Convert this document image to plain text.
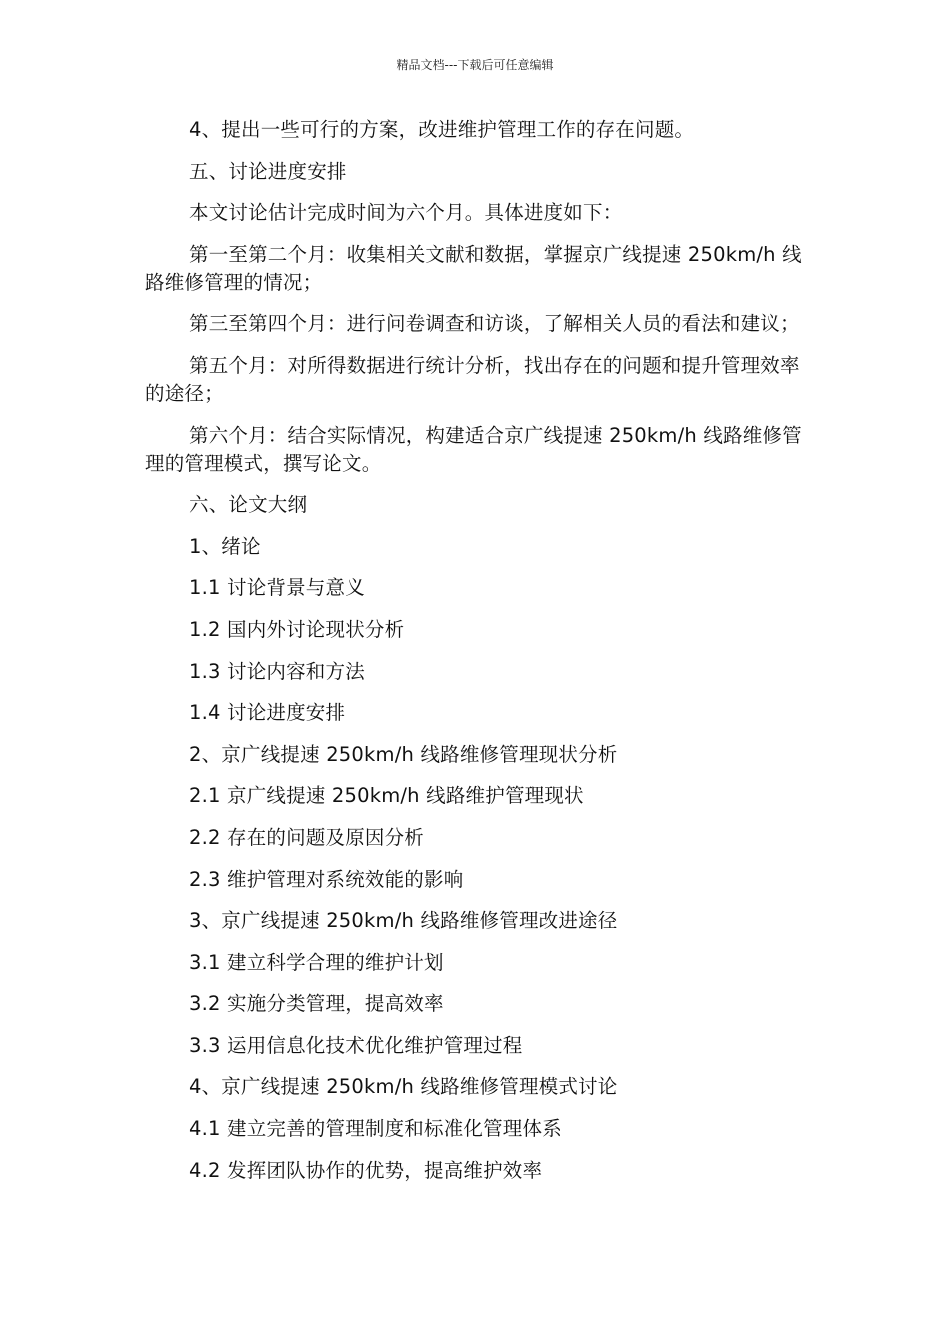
精品文档---下载后可任意编辑

4、提出一些可行的方案，改进维护管理工作的存在问题。

五、讨论进度安排

本文讨论估计完成时间为六个月。具体进度如下：

第一至第二个月：收集相关文献和数据，掌握京广线提速 250km/h 线路维修管理的情况；

第三至第四个月：进行问卷调查和访谈，了解相关人员的看法和建议；

第五个月：对所得数据进行统计分析，找出存在的问题和提升管理效率的途径；

第六个月：结合实际情况，构建适合京广线提速 250km/h 线路维修管理的管理模式，撰写论文。

六、论文大纲

1、绪论

1.1 讨论背景与意义

1.2 国内外讨论现状分析

1.3 讨论内容和方法

1.4 讨论进度安排

2、京广线提速 250km/h 线路维修管理现状分析

2.1 京广线提速 250km/h 线路维护管理现状

2.2 存在的问题及原因分析

2.3 维护管理对系统效能的影响

3、京广线提速 250km/h 线路维修管理改进途径

3.1 建立科学合理的维护计划

3.2 实施分类管理，提高效率

3.3 运用信息化技术优化维护管理过程

4、京广线提速 250km/h 线路维修管理模式讨论

4.1 建立完善的管理制度和标准化管理体系

4.2 发挥团队协作的优势，提高维护效率
